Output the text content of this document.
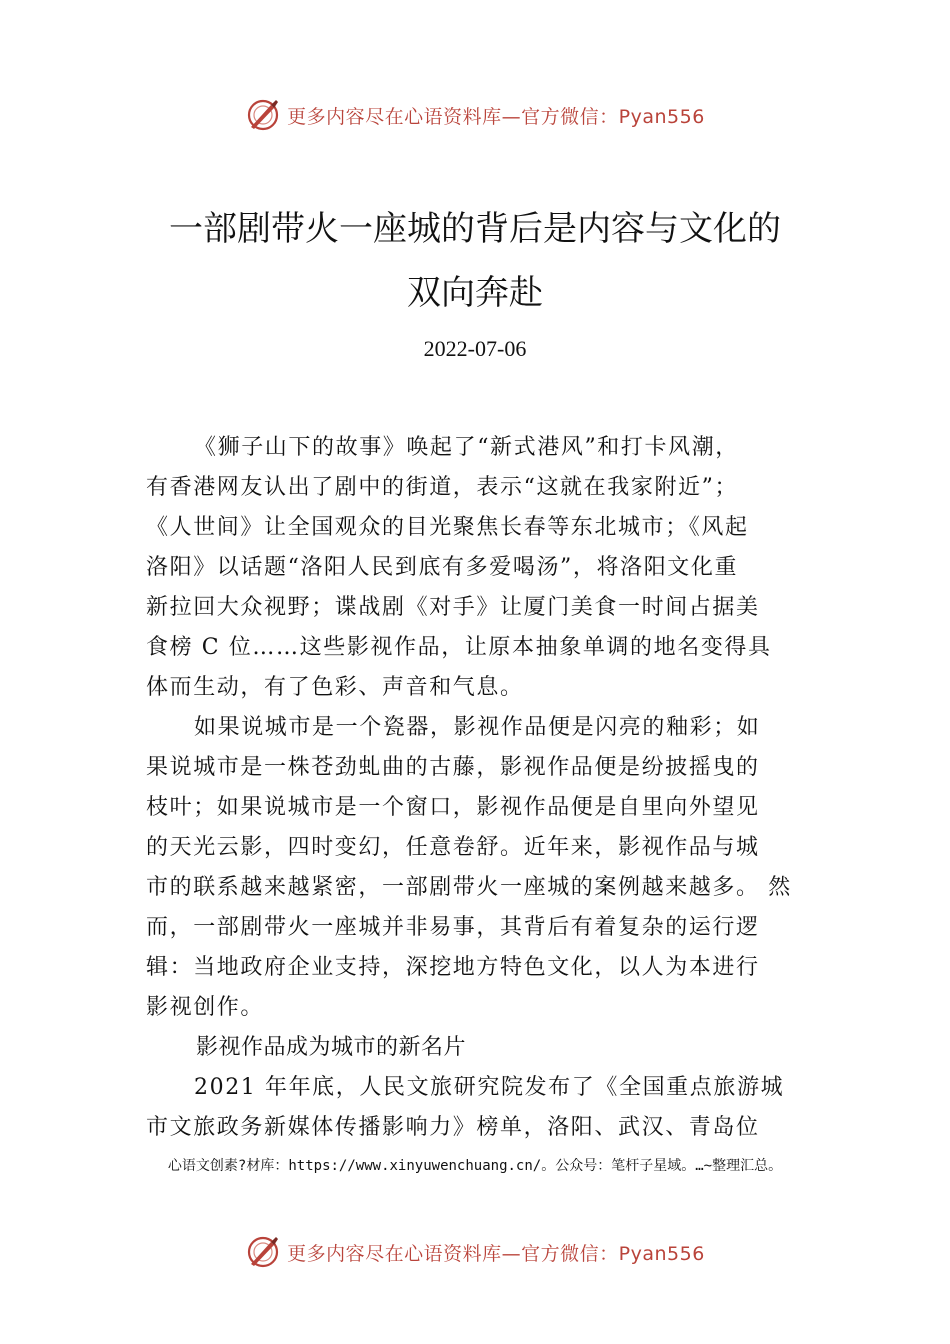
更多内容尽在心语资料库—官方微信：Pyan556
一部剧带火一座城的背后是内容与文化的
双向奔赴
2022-07-06
《狮子山下的故事》唤起了“新式港风”和打卡风潮，
有香港网友认出了剧中的街道，表示“这就在我家附近”；
《人世间》让全国观众的目光聚焦长春等东北城市；《风起
洛阳》以话题“洛阳人民到底有多爱喝汤”，将洛阳文化重
新拉回大众视野；谍战剧《对手》让厦门美食一时间占据美
食榜 C 位……这些影视作品，让原本抽象单调的地名变得具
体而生动，有了色彩、声音和气息。
如果说城市是一个瓷器，影视作品便是闪亮的釉彩；如
果说城市是一株苍劲虬曲的古藤，影视作品便是纷披摇曳的
枝叶；如果说城市是一个窗口，影视作品便是自里向外望见
的天光云影，四时变幻，任意卷舒。近年来，影视作品与城
市的联系越来越紧密，一部剧带火一座城的案例越来越多。 然
而，一部剧带火一座城并非易事，其背后有着复杂的运行逻
辑：当地政府企业支持，深挖地方特色文化，以人为本进行
影视创作。
影视作品成为城市的新名片
2021 年年底，人民文旅研究院发布了《全国重点旅游城
市文旅政务新媒体传播影响力》榜单，洛阳、武汉、青岛位
心语文创素?材库：https://www.xinyuwenchuang.cn/。公众号：笔杆子星域。…~整理汇总。
更多内容尽在心语资料库—官方微信：Pyan556
